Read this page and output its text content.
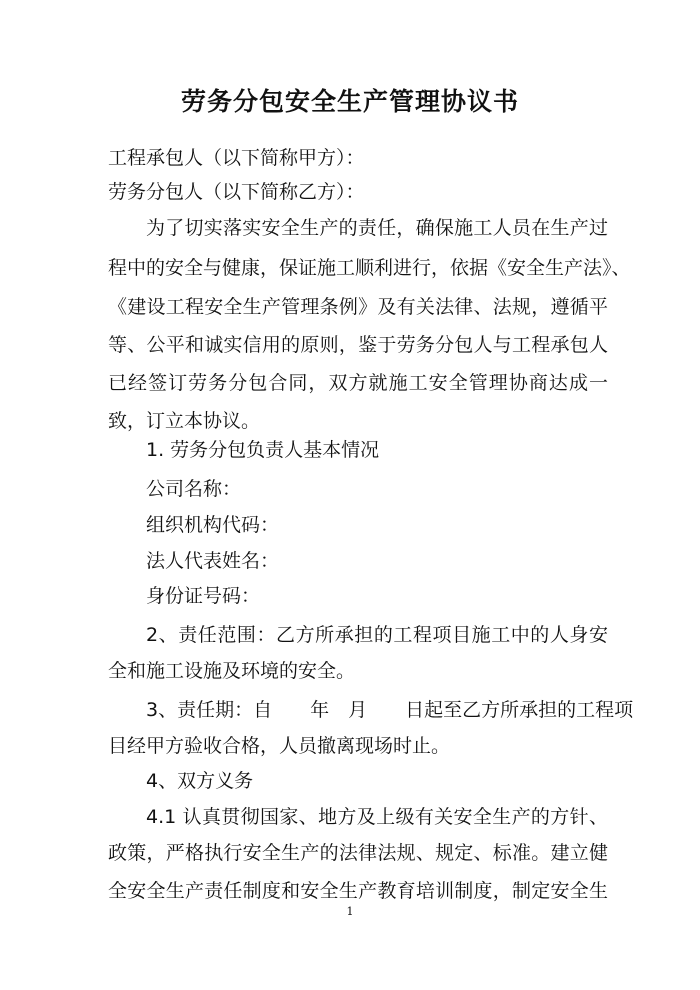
劳务分包安全生产管理协议书
工程承包人（以下简称甲方）：
劳务分包人（以下简称乙方）：
为了切实落实安全生产的责任，确保施工人员在生产过
程中的安全与健康，保证施工顺利进行，依据《安全生产法》、
《建设工程安全生产管理条例》及有关法律、法规，遵循平
等、公平和诚实信用的原则，鉴于劳务分包人与工程承包人
已经签订劳务分包合同，双方就施工安全管理协商达成一
致，订立本协议。
1. 劳务分包负责人基本情况
公司名称：
组织机构代码：
法人代表姓名：
身份证号码：
2、责任范围：乙方所承担的工程项目施工中的人身安
全和施工设施及环境的安全。
3、责任期：自　　年　月　　日起至乙方所承担的工程项
目经甲方验收合格，人员撤离现场时止。
4、双方义务
4.1 认真贯彻国家、地方及上级有关安全生产的方针、
政策，严格执行安全生产的法律法规、规定、标准。建立健
全安全生产责任制度和安全生产教育培训制度，制定安全生
1
